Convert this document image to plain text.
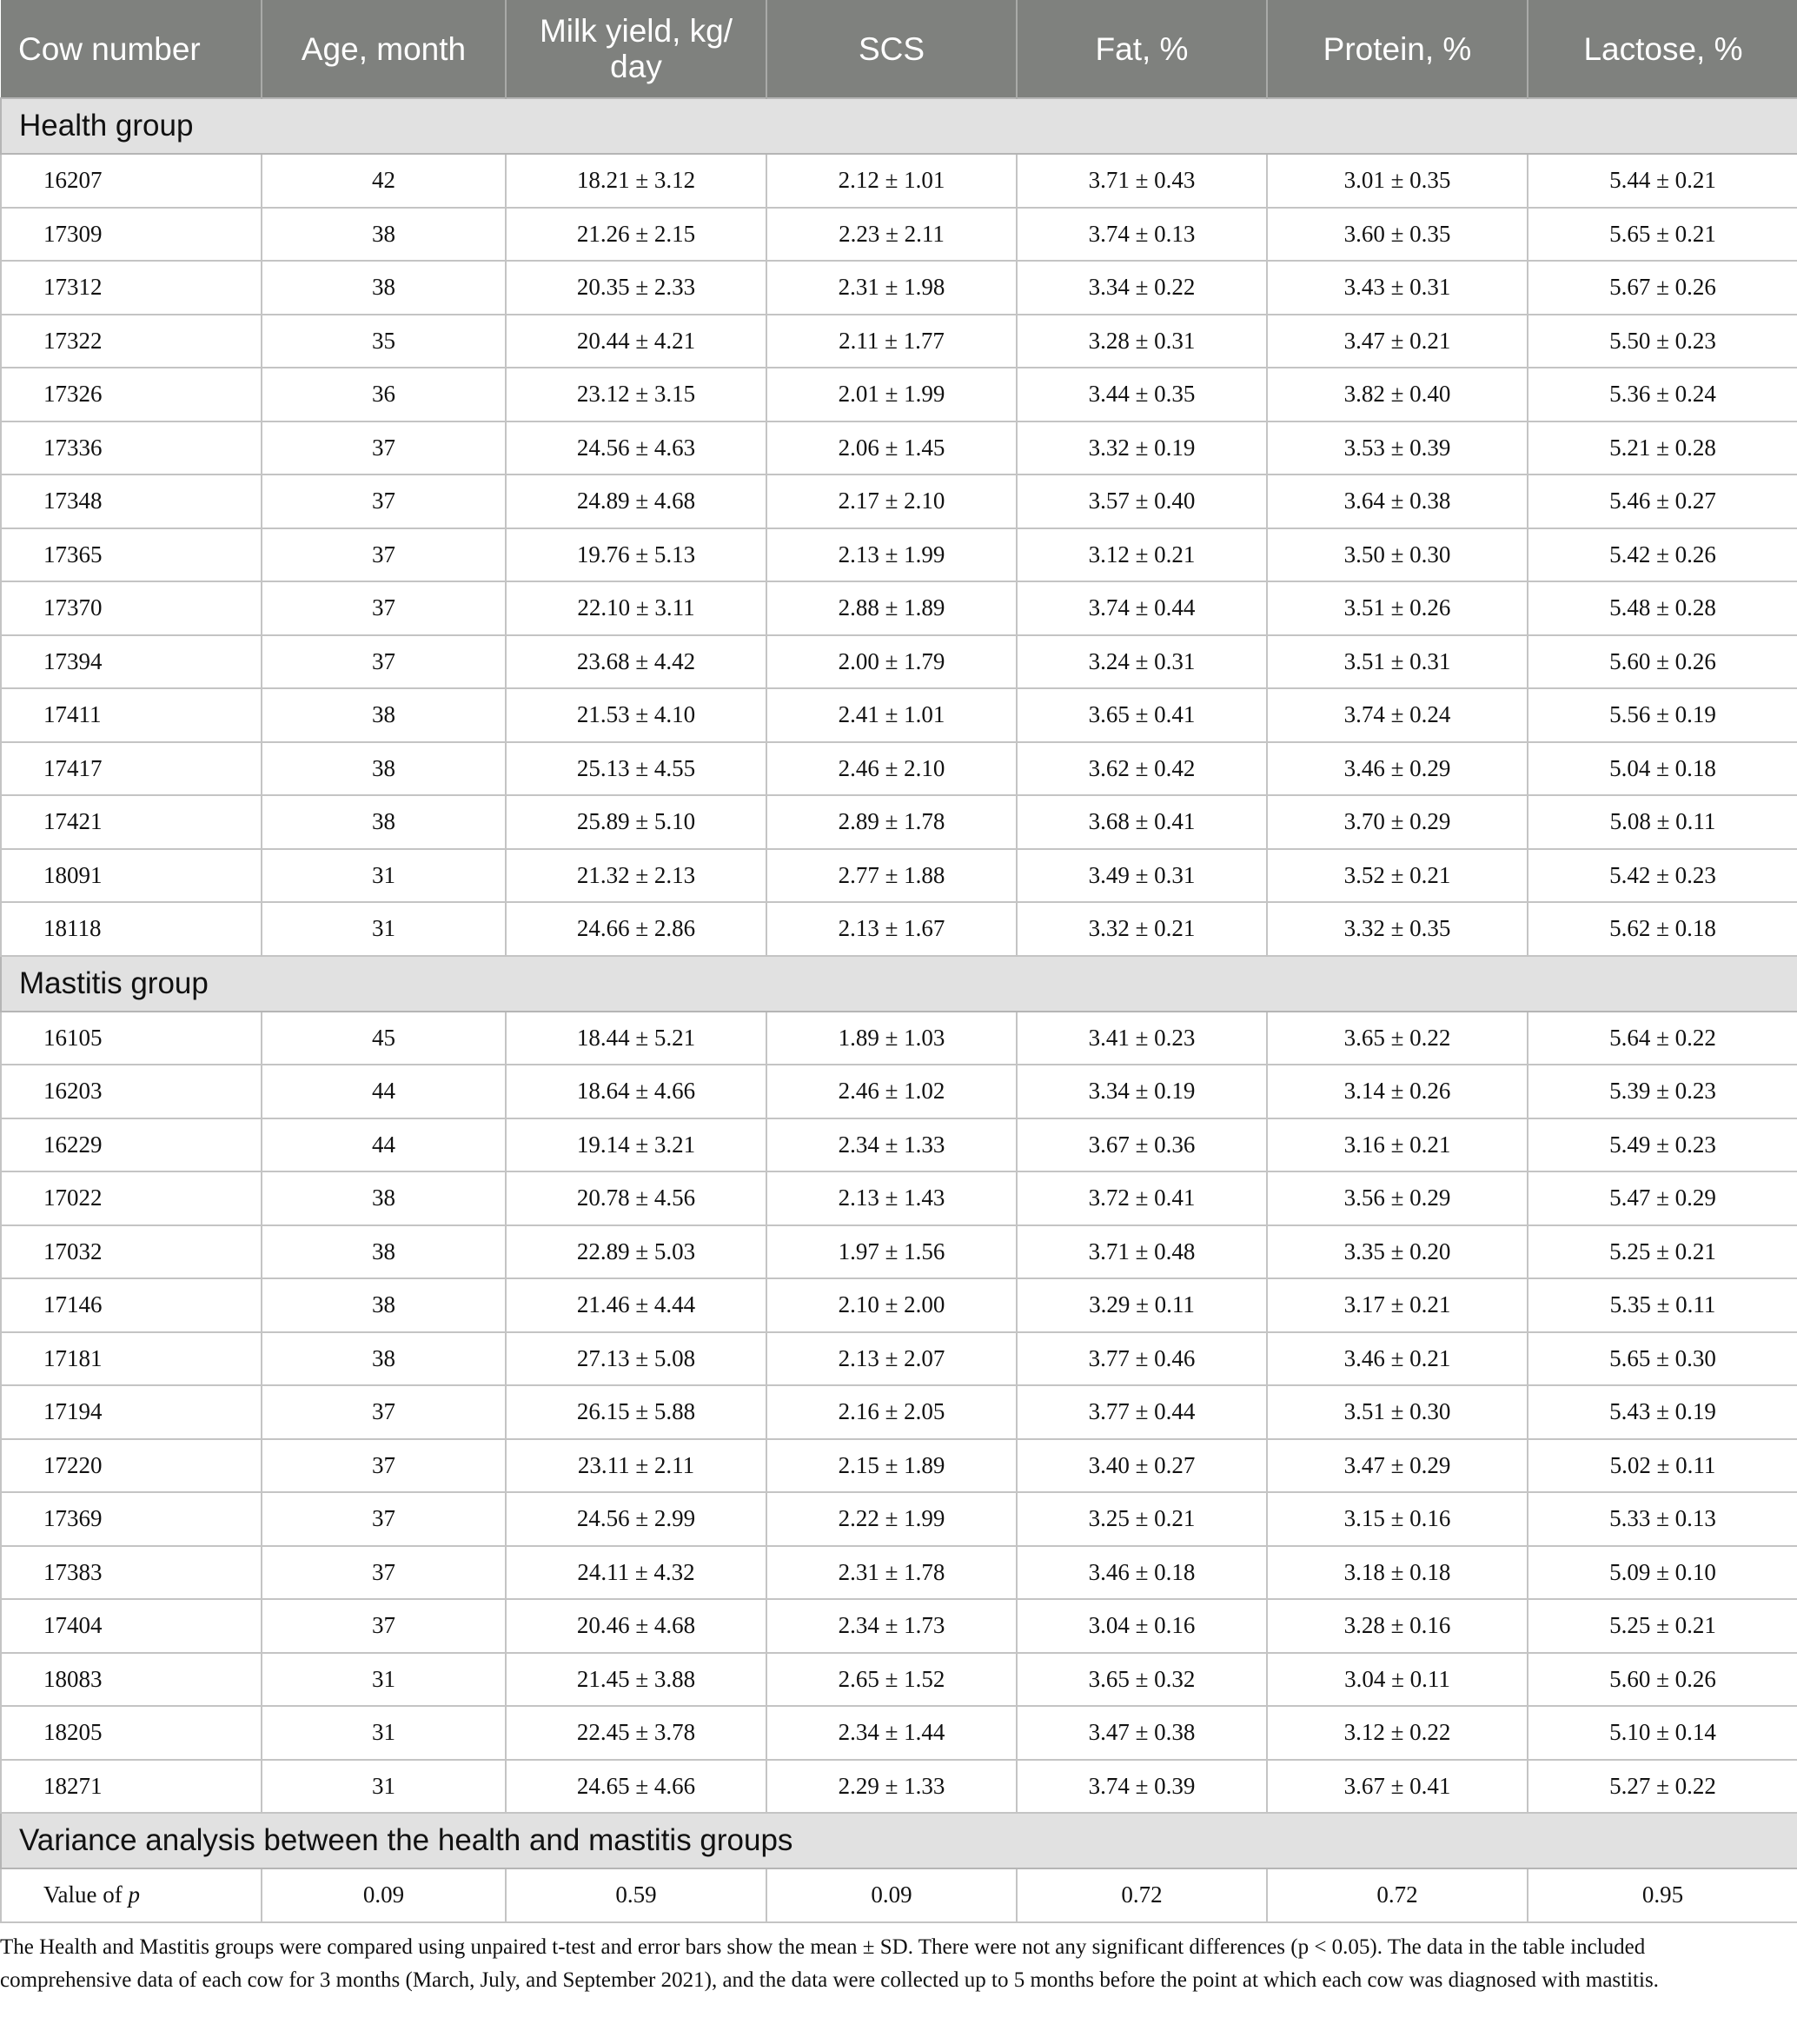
Cow number	Age, month	Milk yield, kg/ day	SCS	Fat, %	Protein, %	Lactose, %
Health group						
16207	42	18.21 ± 3.12	2.12 ± 1.01	3.71 ± 0.43	3.01 ± 0.35	5.44 ± 0.21
17309	38	21.26 ± 2.15	2.23 ± 2.11	3.74 ± 0.13	3.60 ± 0.35	5.65 ± 0.21
17312	38	20.35 ± 2.33	2.31 ± 1.98	3.34 ± 0.22	3.43 ± 0.31	5.67 ± 0.26
17322	35	20.44 ± 4.21	2.11 ± 1.77	3.28 ± 0.31	3.47 ± 0.21	5.50 ± 0.23
17326	36	23.12 ± 3.15	2.01 ± 1.99	3.44 ± 0.35	3.82 ± 0.40	5.36 ± 0.24
17336	37	24.56 ± 4.63	2.06 ± 1.45	3.32 ± 0.19	3.53 ± 0.39	5.21 ± 0.28
17348	37	24.89 ± 4.68	2.17 ± 2.10	3.57 ± 0.40	3.64 ± 0.38	5.46 ± 0.27
17365	37	19.76 ± 5.13	2.13 ± 1.99	3.12 ± 0.21	3.50 ± 0.30	5.42 ± 0.26
17370	37	22.10 ± 3.11	2.88 ± 1.89	3.74 ± 0.44	3.51 ± 0.26	5.48 ± 0.28
17394	37	23.68 ± 4.42	2.00 ± 1.79	3.24 ± 0.31	3.51 ± 0.31	5.60 ± 0.26
17411	38	21.53 ± 4.10	2.41 ± 1.01	3.65 ± 0.41	3.74 ± 0.24	5.56 ± 0.19
17417	38	25.13 ± 4.55	2.46 ± 2.10	3.62 ± 0.42	3.46 ± 0.29	5.04 ± 0.18
17421	38	25.89 ± 5.10	2.89 ± 1.78	3.68 ± 0.41	3.70 ± 0.29	5.08 ± 0.11
18091	31	21.32 ± 2.13	2.77 ± 1.88	3.49 ± 0.31	3.52 ± 0.21	5.42 ± 0.23
18118	31	24.66 ± 2.86	2.13 ± 1.67	3.32 ± 0.21	3.32 ± 0.35	5.62 ± 0.18
Mastitis group						
16105	45	18.44 ± 5.21	1.89 ± 1.03	3.41 ± 0.23	3.65 ± 0.22	5.64 ± 0.22
16203	44	18.64 ± 4.66	2.46 ± 1.02	3.34 ± 0.19	3.14 ± 0.26	5.39 ± 0.23
16229	44	19.14 ± 3.21	2.34 ± 1.33	3.67 ± 0.36	3.16 ± 0.21	5.49 ± 0.23
17022	38	20.78 ± 4.56	2.13 ± 1.43	3.72 ± 0.41	3.56 ± 0.29	5.47 ± 0.29
17032	38	22.89 ± 5.03	1.97 ± 1.56	3.71 ± 0.48	3.35 ± 0.20	5.25 ± 0.21
17146	38	21.46 ± 4.44	2.10 ± 2.00	3.29 ± 0.11	3.17 ± 0.21	5.35 ± 0.11
17181	38	27.13 ± 5.08	2.13 ± 2.07	3.77 ± 0.46	3.46 ± 0.21	5.65 ± 0.30
17194	37	26.15 ± 5.88	2.16 ± 2.05	3.77 ± 0.44	3.51 ± 0.30	5.43 ± 0.19
17220	37	23.11 ± 2.11	2.15 ± 1.89	3.40 ± 0.27	3.47 ± 0.29	5.02 ± 0.11
17369	37	24.56 ± 2.99	2.22 ± 1.99	3.25 ± 0.21	3.15 ± 0.16	5.33 ± 0.13
17383	37	24.11 ± 4.32	2.31 ± 1.78	3.46 ± 0.18	3.18 ± 0.18	5.09 ± 0.10
17404	37	20.46 ± 4.68	2.34 ± 1.73	3.04 ± 0.16	3.28 ± 0.16	5.25 ± 0.21
18083	31	21.45 ± 3.88	2.65 ± 1.52	3.65 ± 0.32	3.04 ± 0.11	5.60 ± 0.26
18205	31	22.45 ± 3.78	2.34 ± 1.44	3.47 ± 0.38	3.12 ± 0.22	5.10 ± 0.14
18271	31	24.65 ± 4.66	2.29 ± 1.33	3.74 ± 0.39	3.67 ± 0.41	5.27 ± 0.22
Variance analysis between the health and mastitis groups						
Value of p	0.09	0.59	0.09	0.72	0.72	0.95

The Health and Mastitis groups were compared using unpaired t-test and error bars show the mean ± SD. There were not any significant differences (p < 0.05). The data in the table included

comprehensive data of each cow for 3 months (March, July, and September 2021), and the data were collected up to 5 months before the point at which each cow was diagnosed with mastitis.
